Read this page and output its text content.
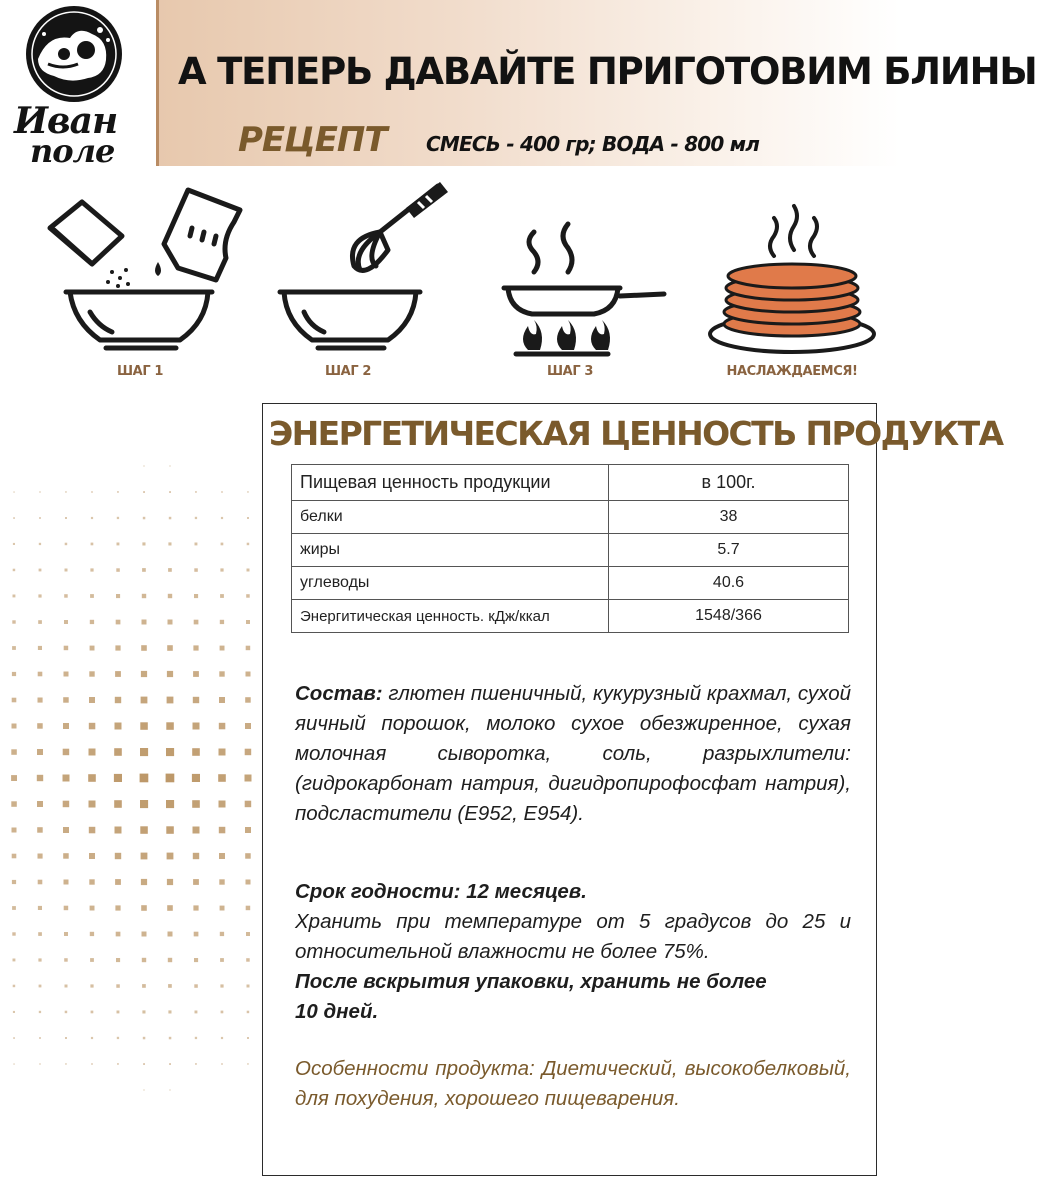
Иван
поле
А ТЕПЕРЬ ДАВАЙТЕ ПРИГОТОВИМ БЛИНЫ
РЕЦЕПТ СМЕСЬ - 400 гр; ВОДА - 800 мл
ШАГ 1	ШАГ 2	ШАГ 3	НАСЛАЖДАЕМСЯ!
ЭНЕРГЕТИЧЕСКАЯ ЦЕННОСТЬ ПРОДУКТА
Пищевая ценность продукции	в 100г.
белки	38
жиры	5.7
углеводы	40.6
Энергитическая ценность. кДж/ккал	1548/366

Состав: глютен пшеничный, кукурузный крахмал, сухой яичный порошок, молоко сухое обезжиренное, сухая молочная сыворотка, соль, разрыхлители: (гидрокарбонат натрия, дигидропирофосфат натрия), подсластители (Е952, Е954).

Срок годности: 12 месяцев.
Хранить при температуре от 5 градусов до 25 и относительной влажности не более 75%.
После вскрытия упаковки, хранить не более
10 дней.

Особенности продукта: Диетический, высокобелковый, для похудения, хорошего пищеварения.
